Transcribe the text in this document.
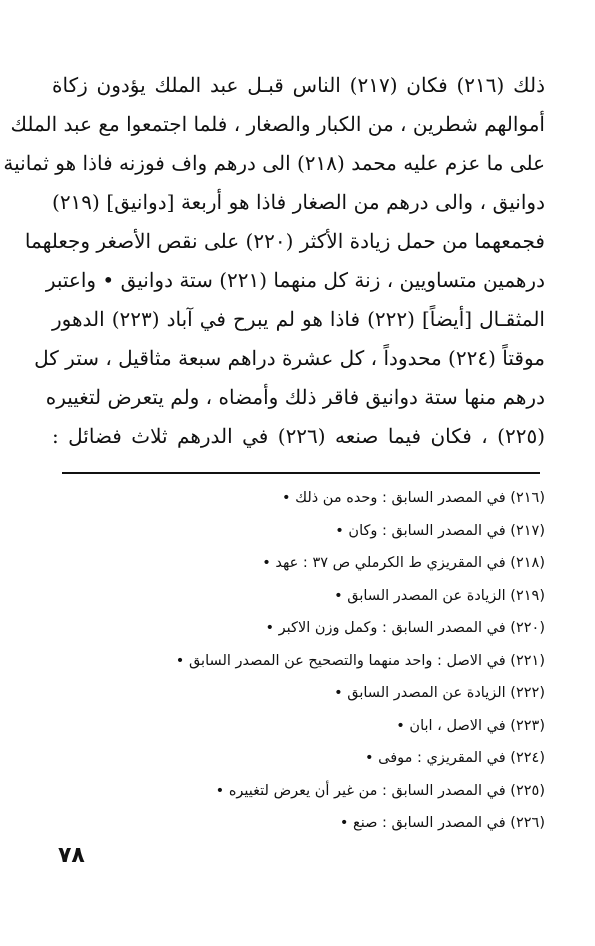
ذلك (٢١٦) فكان (٢١٧) الناس قبـل عبد الملك يؤدون زكاة
أموالهم شطرين ، من الكبار والصغار ، فلما اجتمعوا مع عبد الملك
على ما عزم عليه محمد (٢١٨) الى درهم واف فوزنه فاذا هو ثمانية
دوانيق ، والى درهم من الصغار فاذا هو أربعة [دوانيق] (٢١٩)
فجمعهما من حمل زيادة الأكثر (٢٢٠) على نقص الأصغر وجعلهما
درهمين متساويين ، زنة كل منهما (٢٢١) ستة دوانيق • واعتبر
المثقـال [أيضاً] (٢٢٢) فاذا هو لم يبرح في آباد (٢٢٣) الدهور
موقتاً (٢٢٤) محدوداً ، كل عشرة دراهم سبعة مثاقيل ، ستر كل
درهم منها ستة دوانيق فاقر ذلك وأمضاه ، ولم يتعرض لتغييره
(٢٢٥) ، فكان فيما صنعه (٢٢٦) في الدرهم ثلاث فضائل :
(٢١٦) في المصدر السابق : وحده من ذلك •
(٢١٧) في المصدر السابق : وكان •
(٢١٨) في المقريزي ط الكرملي ص ٣٧ : عهد •
(٢١٩) الزيادة عن المصدر السابق •
(٢٢٠) في المصدر السابق : وكمل وزن الاكبر •
(٢٢١) في الاصل : واحد منهما والتصحيح عن المصدر السابق •
(٢٢٢) الزيادة عن المصدر السابق •
(٢٢٣) في الاصل ، ابان •
(٢٢٤) في المقريزي : موفى •
(٢٢٥) في المصدر السابق : من غير أن يعرض لتغييره •
(٢٢٦) في المصدر السابق : صنع •
٧٨
